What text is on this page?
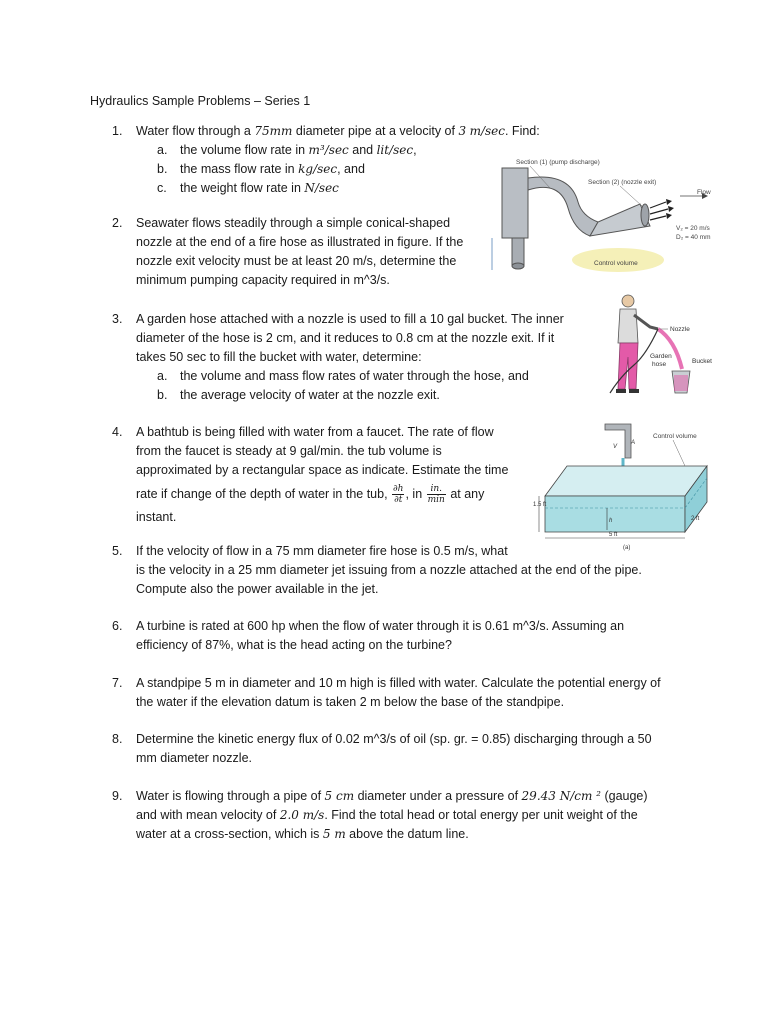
Hydraulics Sample Problems – Series 1
1.	Water flow through a 75mm diameter pipe at a velocity of 3 m/sec. Find:
a.	the volume flow rate in m³/sec and lit/sec,
b.	the mass flow rate in kg/sec, and
c.	the weight flow rate in N/sec
2.	Seawater flows steadily through a simple conical-shaped
nozzle at the end of a fire hose as illustrated in figure. If the
nozzle exit velocity must be at least 20 m/s, determine the
minimum pumping capacity required in m^3/s.
3.	A garden hose attached with a nozzle is used to fill a 10 gal bucket. The inner
diameter of the hose is 2 cm, and it reduces to 0.8 cm at the nozzle exit. If it
takes 50 sec to fill the bucket with water, determine:
a.	the volume and mass flow rates of water through the hose, and
b.	the average velocity of water at the nozzle exit.
4.	A bathtub is being filled with water from a faucet. The rate of flow
from the faucet is steady at 9 gal/min. the tub volume is
approximated by a rectangular space as indicate. Estimate the time
rate if change of the depth of water in the tub, $\frac{\partial h}{\partial t}$ , in $\frac{in.}{\min}$ at any
instant.
5.	If the velocity of flow in a 75 mm diameter fire hose is 0.5 m/s, what
is the velocity in a 25 mm diameter jet issuing from a nozzle attached at the end of the pipe.
Compute also the power available in the jet.
6.	A turbine is rated at 600 hp when the flow of water through it is 0.61 m^3/s. Assuming an
efficiency of 87%, what is the head acting on the turbine?
7.	A standpipe 5 m in diameter and 10 m high is filled with water. Calculate the potential energy of
the water if the elevation datum is taken 2 m below the base of the standpipe.
8.	Determine the kinetic energy flux of 0.02 m^3/s of oil (sp. gr. = 0.85) discharging through a 50
mm diameter nozzle.
9.	Water is flowing through a pipe of 5 cm diameter under a pressure of 29.43 N/cm ² (gauge)
and with mean velocity of 2.0 m/s. Find the total head or total energy per unit weight of the
water at a cross-section, which is 5 m above the datum line.
Section (1) (pump discharge)
Section (2) (nozzle exit)
Flow
V₂ = 20 m/s
D₂ = 40 mm
Control volume
Nozzle
Garden
hose	Bucket
h
A
V
Control volume
1.5 ft
2 ft
5 ft
(a)
